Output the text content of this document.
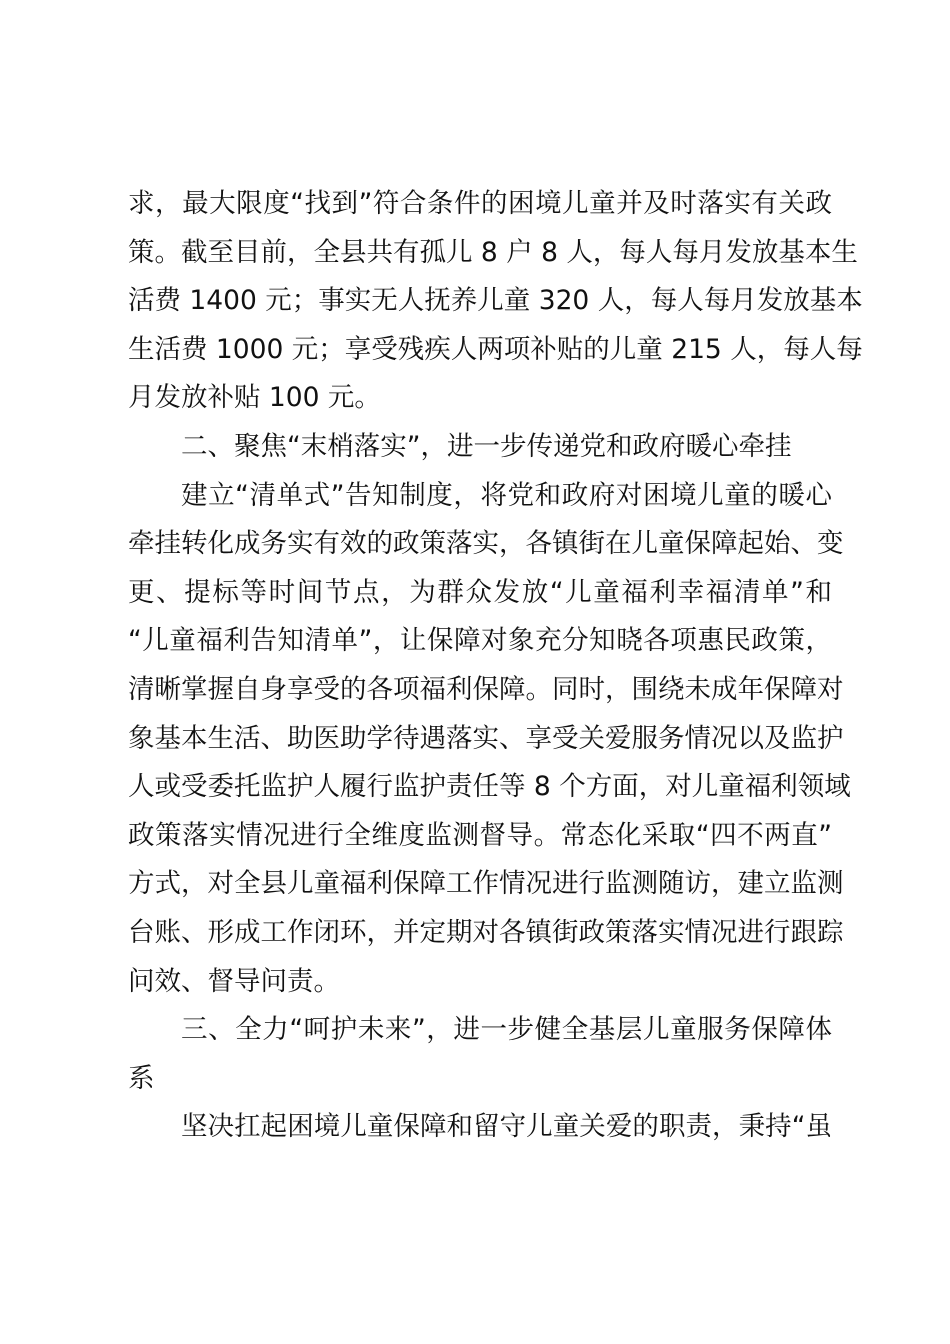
求，最大限度“找到”符合条件的困境儿童并及时落实有关政
策。截至目前，全县共有孤儿 8 户 8 人，每人每月发放基本生
活费 1400 元；事实无人抚养儿童 320 人，每人每月发放基本
生活费 1000 元；享受残疾人两项补贴的儿童 215 人，每人每
月发放补贴 100 元。
二、聚焦“末梢落实”，进一步传递党和政府暖心牵挂
建立“清单式”告知制度，将党和政府对困境儿童的暖心
牵挂转化成务实有效的政策落实，各镇街在儿童保障起始、变
更、提标等时间节点，为群众发放“儿童福利幸福清单”和
“儿童福利告知清单”，让保障对象充分知晓各项惠民政策，
清晰掌握自身享受的各项福利保障。同时，围绕未成年保障对
象基本生活、助医助学待遇落实、享受关爱服务情况以及监护
人或受委托监护人履行监护责任等 8 个方面，对儿童福利领域
政策落实情况进行全维度监测督导。常态化采取“四不两直”
方式，对全县儿童福利保障工作情况进行监测随访，建立监测
台账、形成工作闭环，并定期对各镇街政策落实情况进行跟踪
问效、督导问责。
三、全力“呵护未来”，进一步健全基层儿童服务保障体
系
坚决扛起困境儿童保障和留守儿童关爱的职责，秉持“虽
